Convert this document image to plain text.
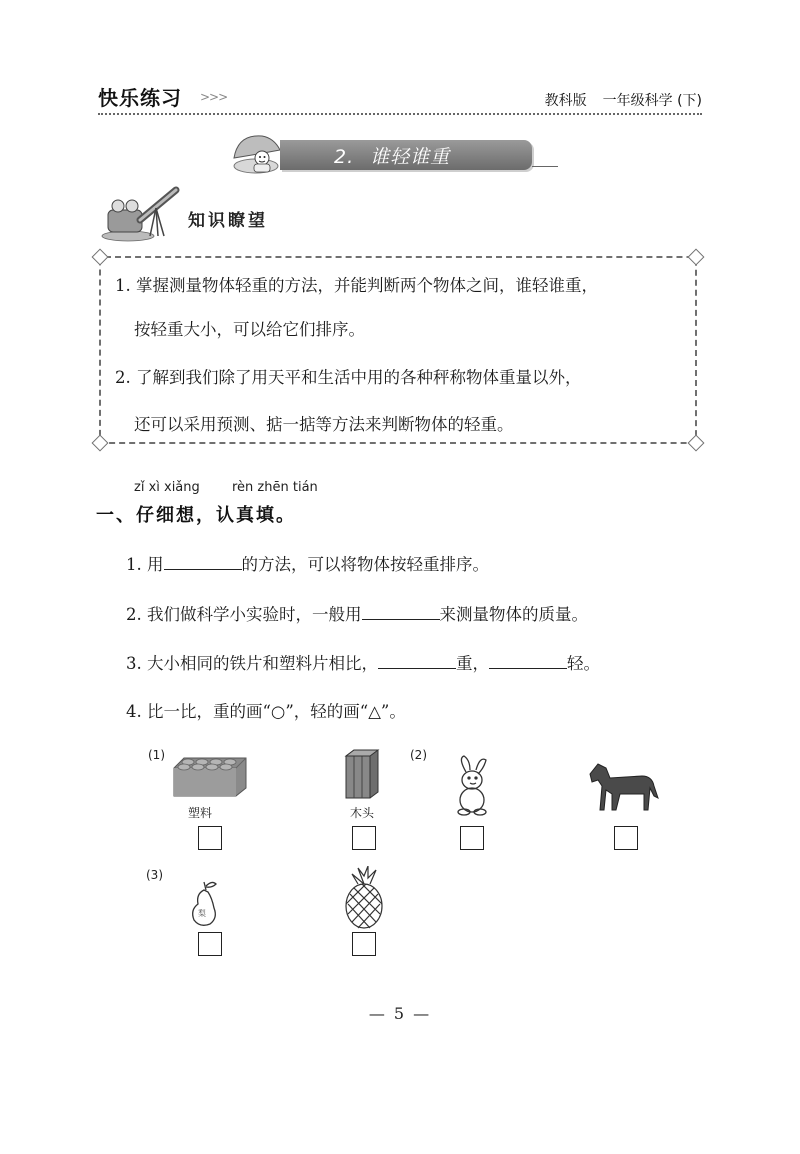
快乐练习 >>>	教科版 一年级科学 (下)
2. 谁轻谁重
知识瞭望
1. 掌握测量物体轻重的方法，并能判断两个物体之间，谁轻谁重，
按轻重大小，可以给它们排序。
2. 了解到我们除了用天平和生活中用的各种秤称物体重量以外，
还可以采用预测、掂一掂等方法来判断物体的轻重。
zǐ xì xiǎng rèn zhēn tián
一、仔细想，认真填。
1. 用	的方法，可以将物体按轻重排序。
2. 我们做科学小实验时，一般用	来测量物体的质量。
3. 大小相同的铁片和塑料片相比，	重，	轻。
4. 比一比，重的画“○”，轻的画“△”。
(1)
塑料	木头
(2)
(3)
梨
— 5 —
